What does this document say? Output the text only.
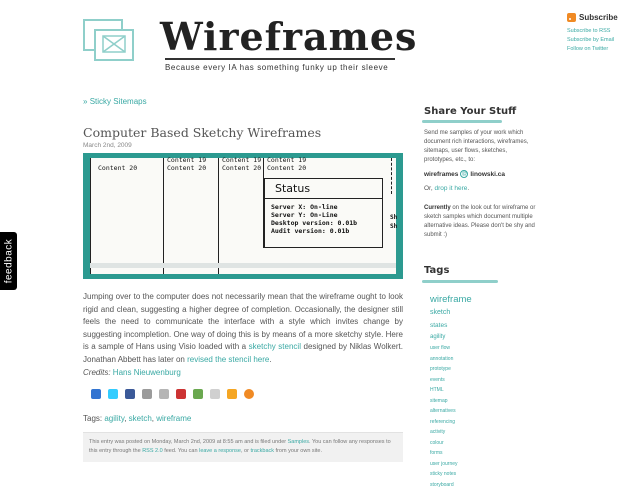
Wireframes
Because every IA has something funky up their sleeve
Subscribe
Subscribe to RSS
Subscribe by Email
Follow on Twitter
feedback
» Sticky Sitemaps
Computer Based Sketchy Wireframes
March 2nd, 2009
Content 20
Content 19
Content 20
Content 19
Content 20
Content 19
Content 20
Status
Server X: On-line
Server Y: On-Line
Desktop version: 0.01b
Audit version: 0.01b
Sh
Sh
Jumping over to the computer does not necessarily mean that the wireframe ought to look rigid and clean, suggesting a higher degree of completion. Occasionally, the designer still feels the need to communicate the interface with a style which invites change by suggesting incompletion. One way of doing this is by means of a more sketchy style. Here is a sample of Hans using Visio loaded with a sketchy stencil designed by Niklas Wolkert. Jonathan Abbett has later on revised the stencil here.
Credits: Hans Nieuwenburg
Tags: agility, sketch, wireframe
This entry was posted on Monday, March 2nd, 2009 at 8:55 am and is filed under Samples. You can follow any responses to this entry through the RSS 2.0 feed. You can leave a response, or trackback from your own site.
Share Your Stuff
Send me samples of your work which document rich interactions, wireframes, sitemaps, user flows, sketches, prototypes, etc., to:
wireframes @ linowski.ca
Or, drop it here.
Currently on the look out for wireframe or sketch samples which document multiple alternative ideas. Please don't be shy and submit :)
Tags
wireframe
sketch
states
agility
user flow
annotation
prototype
events
HTML
sitemap
alternatives
referencing
activity
colour
forms
user journey
sticky notes
storyboard
